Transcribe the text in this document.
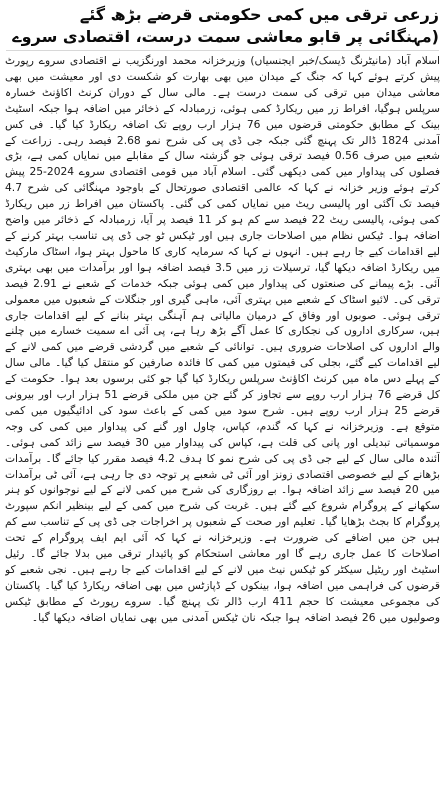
زرعی ترقی میں کمی حکومتی قرضے بڑھ گئے (مہنگائی پر قابو معاشی سمت درست، اقتصادی سروے

اسلام آباد (مانیٹرنگ ڈیسک/خبر ایجنسیاں) وزیرخزانہ محمد اورنگزیب نے اقتصادی سروے رپورٹ پیش کرتے ہوئے کہا کہ جنگ کے میدان میں بھی بھارت کو شکست دی اور معیشت میں بھی معاشی میدان میں ترقی کی سمت درست ہے۔ مالی سال کے دوران کرنٹ اکاؤنٹ خسارہ سرپلس ہوگیا، افراط زر میں ریکارڈ کمی ہوئی، زرمبادلہ کے ذخائر میں اضافہ ہوا جبکہ اسٹیٹ بینک کے مطابق حکومتی قرضوں میں 76 ہزار ارب روپے تک اضافہ ریکارڈ کیا گیا۔ فی کس آمدنی 1824 ڈالر تک پہنچ گئی جبکہ جی ڈی پی کی شرح نمو 2.68 فیصد رہی۔ زراعت کے شعبے میں صرف 0.56 فیصد ترقی ہوئی جو گزشتہ سال کے مقابلے میں نمایاں کمی ہے، بڑی فصلوں کی پیداوار میں کمی دیکھی گئی۔ اسلام آباد میں قومی اقتصادی سروے 2024-25 پیش کرتے ہوئے وزیر خزانہ نے کہا کہ عالمی اقتصادی صورتحال کے باوجود مہنگائی کی شرح 4.7 فیصد تک آگئی اور پالیسی ریٹ میں نمایاں کمی کی گئی۔ پاکستان میں افراط زر میں ریکارڈ کمی ہوئی، پالیسی ریٹ 22 فیصد سے کم ہو کر 11 فیصد پر آیا، زرمبادلہ کے ذخائر میں واضح اضافہ ہوا۔ ٹیکس نظام میں اصلاحات جاری ہیں اور ٹیکس ٹو جی ڈی پی تناسب بہتر کرنے کے لیے اقدامات کیے جا رہے ہیں۔ انہوں نے کہا کہ سرمایہ کاری کا ماحول بہتر ہوا، اسٹاک مارکیٹ میں ریکارڈ اضافہ دیکھا گیا، ترسیلات زر میں 3.5 فیصد اضافہ ہوا اور برآمدات میں بھی بہتری آئی۔ بڑے پیمانے کی صنعتوں کی پیداوار میں کمی ہوئی جبکہ خدمات کے شعبے نے 2.91 فیصد ترقی کی۔ لائیو اسٹاک کے شعبے میں بہتری آئی، ماہی گیری اور جنگلات کے شعبوں میں معمولی ترقی ہوئی۔ صوبوں اور وفاق کے درمیان مالیاتی ہم آہنگی بہتر بنانے کے لیے اقدامات جاری ہیں، سرکاری اداروں کی نجکاری کا عمل آگے بڑھ رہا ہے، پی آئی اے سمیت خسارے میں چلنے والے اداروں کی اصلاحات ضروری ہیں۔ توانائی کے شعبے میں گردشی قرضے میں کمی لانے کے لیے اقدامات کیے گئے، بجلی کی قیمتوں میں کمی کا فائدہ صارفین کو منتقل کیا گیا۔ مالی سال کے پہلے دس ماہ میں کرنٹ اکاؤنٹ سرپلس ریکارڈ کیا گیا جو کئی برسوں بعد ہوا۔ حکومت کے کل قرضے 76 ہزار ارب روپے سے تجاوز کر گئے جن میں ملکی قرضے 51 ہزار ارب اور بیرونی قرضے 25 ہزار ارب روپے ہیں۔ شرح سود میں کمی کے باعث سود کی ادائیگیوں میں کمی متوقع ہے۔ وزیرخزانہ نے کہا کہ گندم، کپاس، چاول اور گنے کی پیداوار میں کمی کی وجہ موسمیاتی تبدیلی اور پانی کی قلت ہے، کپاس کی پیداوار میں 30 فیصد سے زائد کمی ہوئی۔ آئندہ مالی سال کے لیے جی ڈی پی کی شرح نمو کا ہدف 4.2 فیصد مقرر کیا جائے گا۔ برآمدات بڑھانے کے لیے خصوصی اقتصادی زونز اور آئی ٹی شعبے پر توجہ دی جا رہی ہے، آئی ٹی برآمدات میں 20 فیصد سے زائد اضافہ ہوا۔ بے روزگاری کی شرح میں کمی لانے کے لیے نوجوانوں کو ہنر سکھانے کے پروگرام شروع کیے گئے ہیں۔ غربت کی شرح میں کمی کے لیے بینظیر انکم سپورٹ پروگرام کا بجٹ بڑھایا گیا۔ تعلیم اور صحت کے شعبوں پر اخراجات جی ڈی پی کے تناسب سے کم ہیں جن میں اضافے کی ضرورت ہے۔ وزیرخزانہ نے کہا کہ آئی ایم ایف پروگرام کے تحت اصلاحات کا عمل جاری رہے گا اور معاشی استحکام کو پائیدار ترقی میں بدلا جائے گا۔ رئیل اسٹیٹ اور ریٹیل سیکٹر کو ٹیکس نیٹ میں لانے کے لیے اقدامات کیے جا رہے ہیں۔ نجی شعبے کو قرضوں کی فراہمی میں اضافہ ہوا، بینکوں کے ڈپازٹس میں بھی اضافہ ریکارڈ کیا گیا۔ پاکستان کی مجموعی معیشت کا حجم 411 ارب ڈالر تک پہنچ گیا۔ سروے رپورٹ کے مطابق ٹیکس وصولیوں میں 26 فیصد اضافہ ہوا جبکہ نان ٹیکس آمدنی میں بھی نمایاں اضافہ دیکھا گیا۔
